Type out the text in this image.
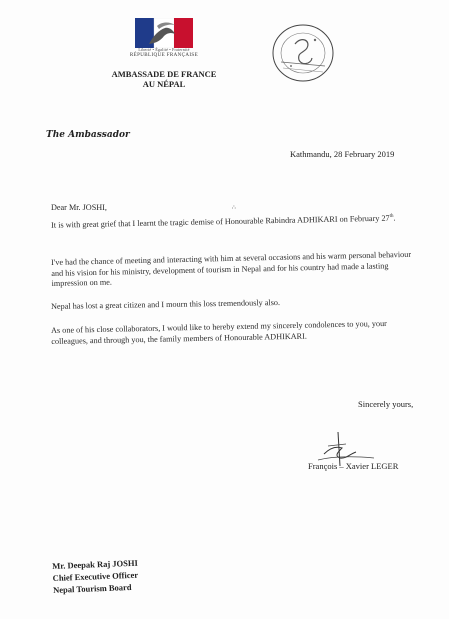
Liberté • Égalité • Fraternité
RÉPUBLIQUE FRANÇAISE
AMBASSADE DE FRANCE
AU NÉPAL
The Ambassador
Kathmandu, 28 February 2019
Dear Mr. JOSHI,	∴
It is with great grief that I learnt the tragic demise of Honourable Rabindra ADHIKARI on February 27th.
I've had the chance of meeting and interacting with him at several occasions and his warm personal behaviour and his vision for his ministry, development of tourism in Nepal and for his country had made a lasting impression on me.
Nepal has lost a great citizen and I mourn this loss tremendously also.
As one of his close collaborators, I would like to hereby extend my sincerely condolences to you, your colleagues, and through you, the family members of Honourable ADHIKARI.
Sincerely yours,
François – Xavier LEGER
Mr. Deepak Raj JOSHI
Chief Executive Officer
Nepal Tourism Board
